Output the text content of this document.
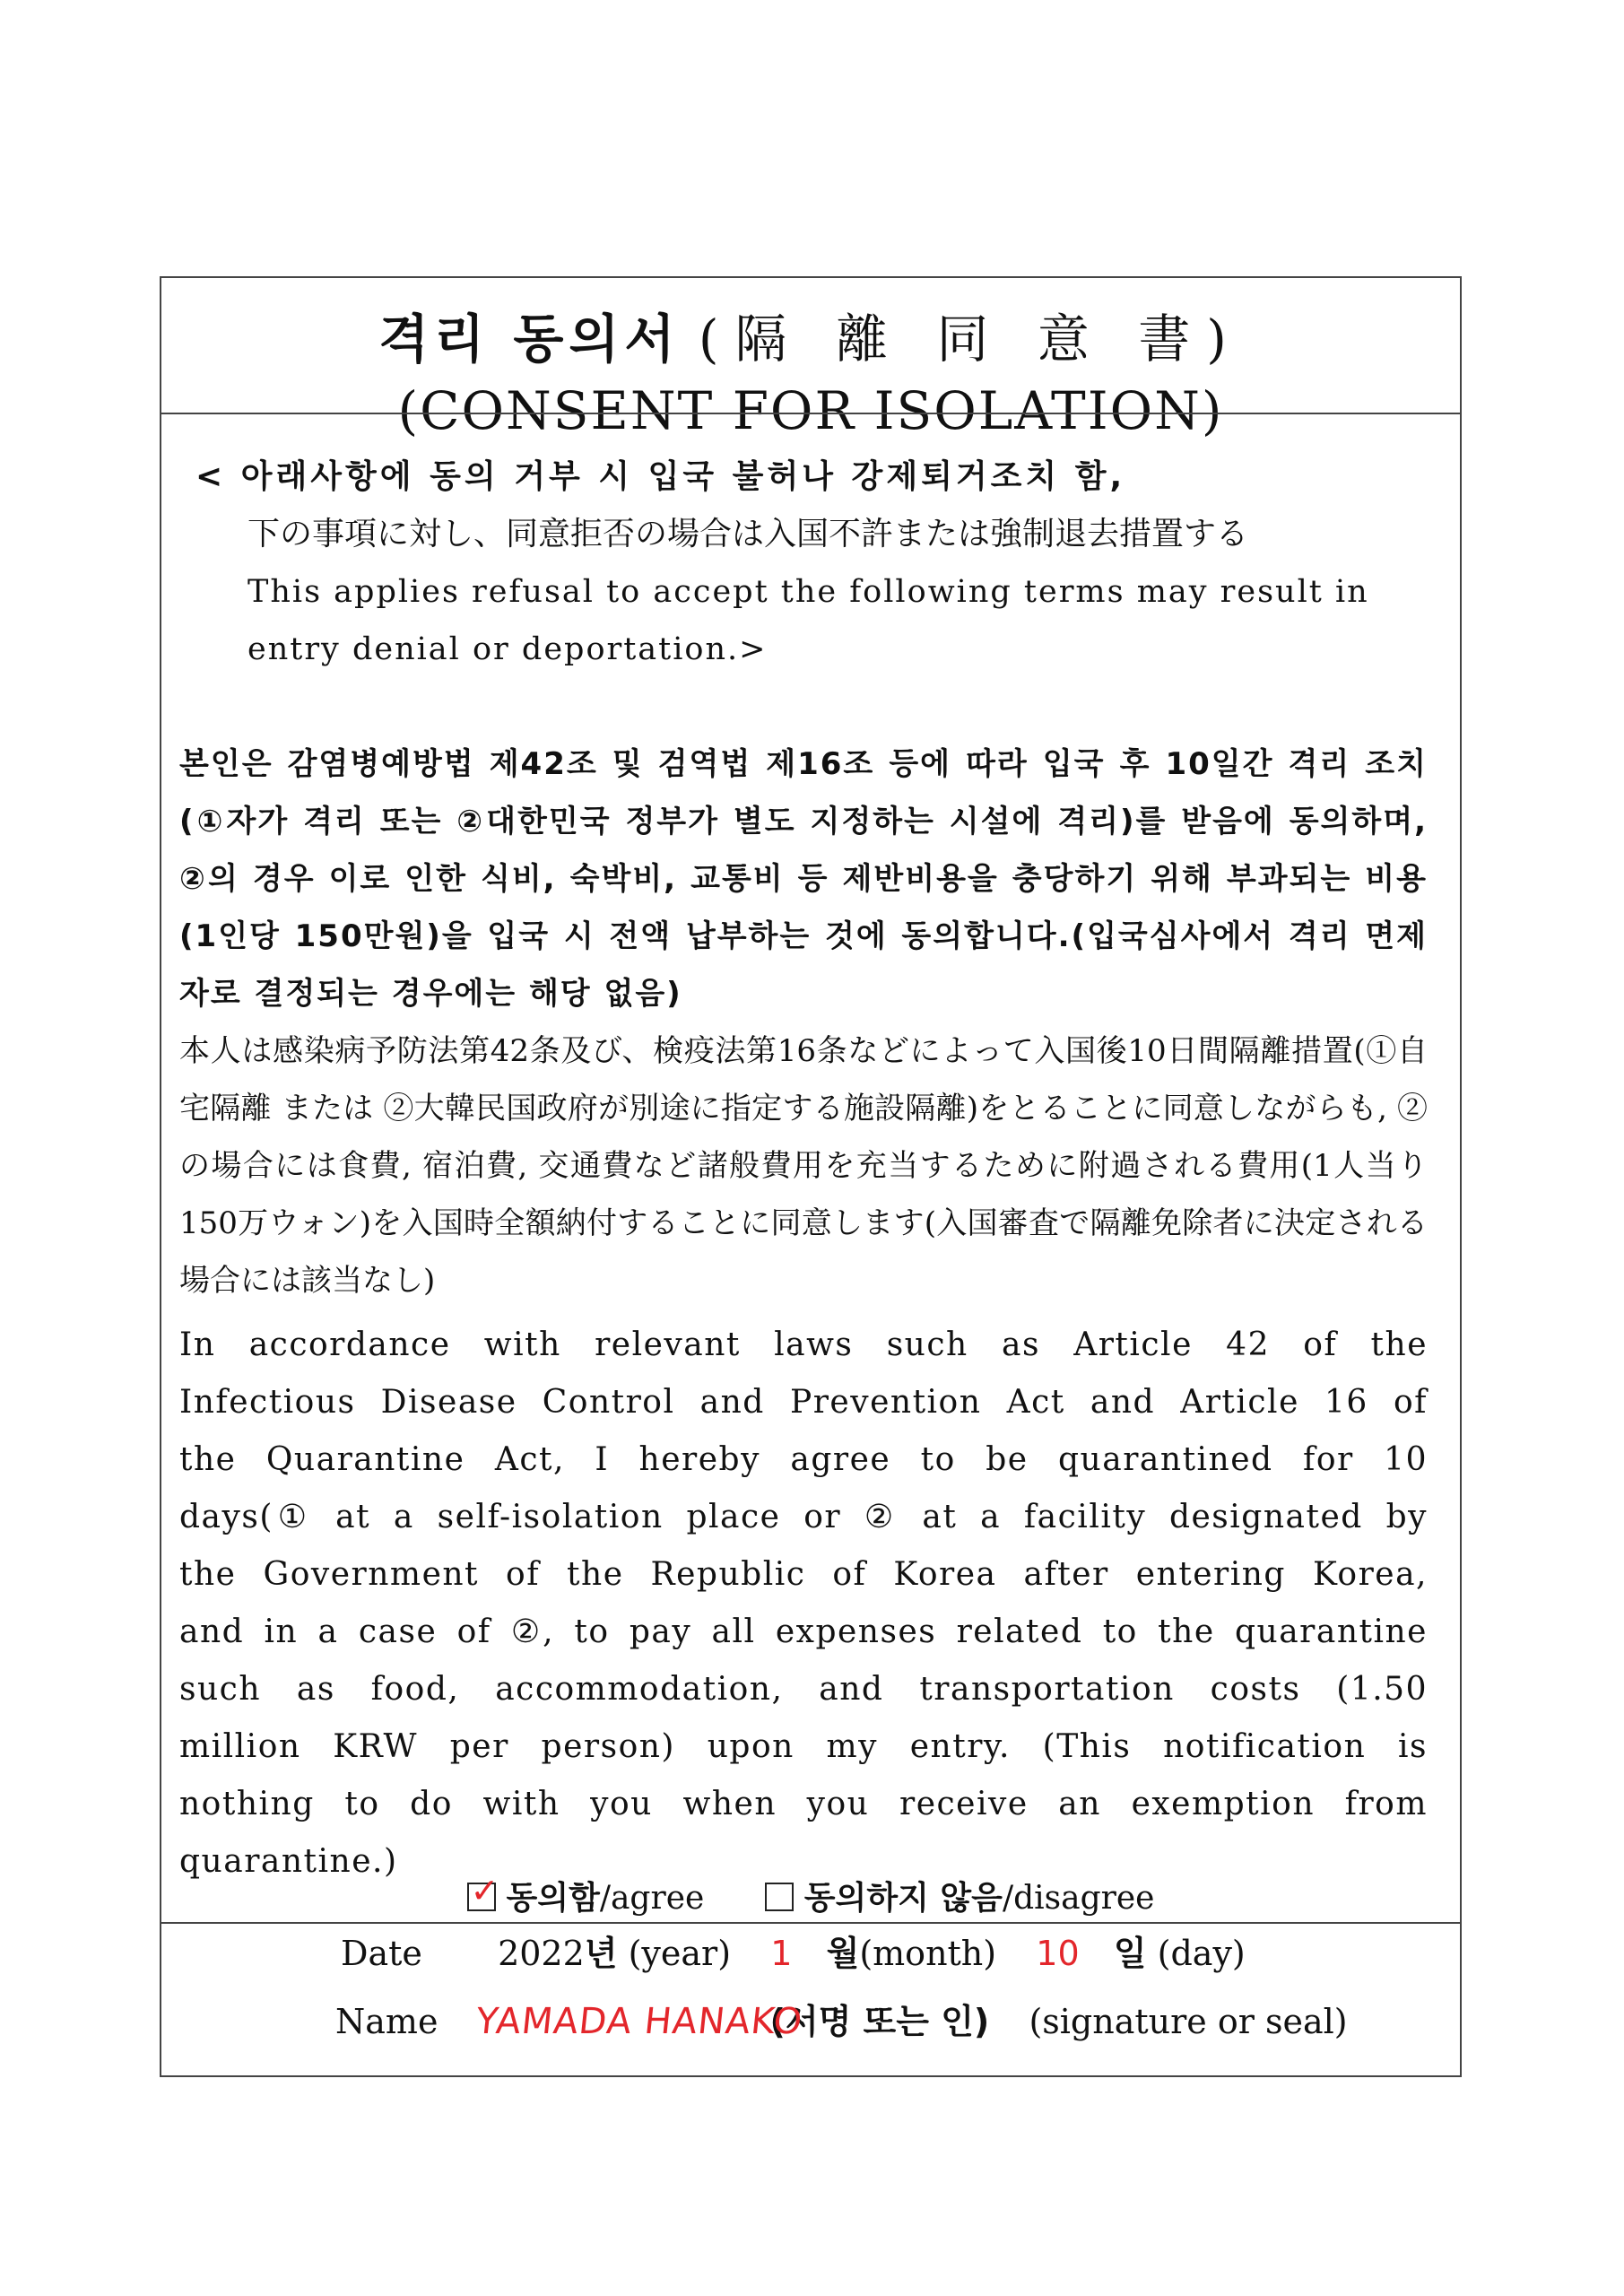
격리 동의서 (隔 離 同 意 書)
(CONSENT FOR ISOLATION)
< 아래사항에 동의 거부 시 입국 불허나 강제퇴거조치 함,
下の事項に対し、同意拒否の場合は入国不許または強制退去措置する
This applies refusal to accept the following terms may result in
entry denial or deportation.>
본인은 감염병예방법 제42조 및 검역법 제16조 등에 따라 입국 후 10일간 격리 조치(①자가 격리 또는 ②대한민국 정부가 별도 지정하는 시설에 격리)를 받음에 동의하며, ②의 경우 이로 인한 식비, 숙박비, 교통비 등 제반비용을 충당하기 위해 부과되는 비용(1인당 150만원)을 입국 시 전액 납부하는 것에 동의합니다.(입국심사에서 격리 면제자로 결정되는 경우에는 해당 없음)
本人は感染病予防法第42条及び、検疫法第16条などによって入国後10日間隔離措置(①自宅隔離 または ②大韓民国政府が別途に指定する施設隔離)をとることに同意しながらも, ②の場合には食費, 宿泊費, 交通費など諸般費用を充当するために附過される費用(1人当り150万ウォン)を入国時全額納付することに同意します(入国審査で隔離免除者に決定される場合には該当なし)
In accordance with relevant laws such as Article 42 of the Infectious Disease Control and Prevention Act and Article 16 of the Quarantine Act, I hereby agree to be quarantined for 10 days(① at a self-isolation place or ② at a facility designated by the Government of the Republic of Korea after entering Korea, and in a case of ②, to pay all expenses related to the quarantine such as food, accommodation, and transportation costs (1.50 million KRW per person) upon my entry. (This notification is nothing to do with you when you receive an exemption from quarantine.)
✓ 동의함/agree	동의하지 않음/disagree
Date 2022년 (year) 1 월(month) 10 일 (day)
Name YAMADA HANAKO(서명 또는 인) (signature or seal)
